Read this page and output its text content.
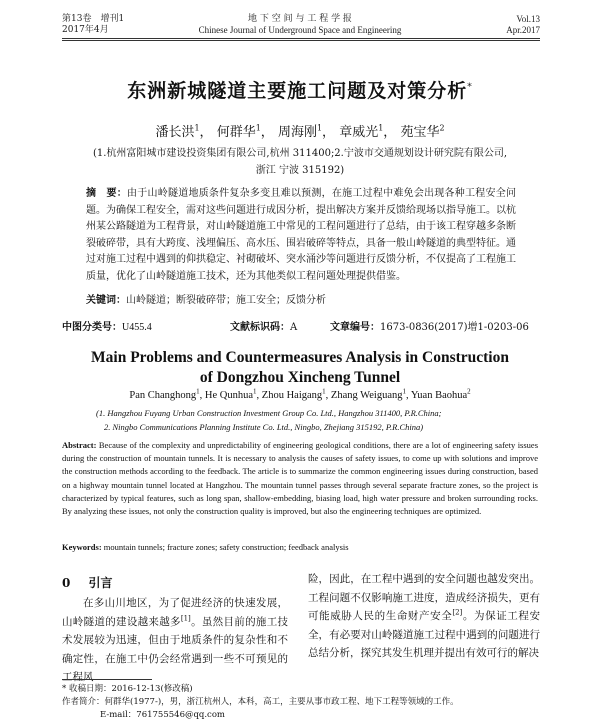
第13卷　增刊1
2017年4月
地 下 空 间 与 工 程 学 报
Chinese Journal of Underground Space and Engineering
Vol.13
Apr.2017
东洲新城隧道主要施工问题及对策分析*
潘长洪$^1$， 何群华$^1$， 周海刚$^1$， 章威光$^1$， 苑宝华$^2$
(1.杭州富阳城市建设投资集团有限公司,杭州 311400;2.宁波市交通规划设计研究院有限公司,
浙江 宁波 315192)
摘　要：由于山岭隧道地质条件复杂多变且难以预测，在施工过程中难免会出现各种工程安全问题。为确保工程安全，需对这些问题进行成因分析，提出解决方案并反馈给现场以指导施工。以杭州某公路隧道为工程背景，对山岭隧道施工中常见的工程问题进行了总结，由于该工程穿越多条断裂破碎带，具有大跨度、浅埋偏压、高水压、围岩破碎等特点，具备一般山岭隧道的典型特征。通过对施工过程中遇到的仰拱稳定、衬砌破坏、突水涌沙等问题进行反馈分析，不仅提高了工程施工质量，优化了山岭隧道施工技术，还为其他类似工程问题处理提供借鉴。
关键词：山岭隧道；断裂破碎带；施工安全；反馈分析
中图分类号：U455.4	文献标识码：A	文章编号：1673-0836(2017)增1-0203-06
Main Problems and Countermeasures Analysis in Construction
of Dongzhou Xincheng Tunnel
Pan Changhong$^1$, He Qunhua$^1$, Zhou Haigang$^1$, Zhang Weiguang$^1$, Yuan Baohua$^2$
(1. Hangzhou Fuyang Urban Construction Investment Group Co. Ltd., Hangzhou 311400, P.R.China;
2. Ningbo Communications Planning Institute Co. Ltd., Ningbo, Zhejiang 315192, P.R.China)
Abstract: Because of the complexity and unpredictability of engineering geological conditions, there are a lot of engineering safety issues during the construction of mountain tunnels. It is necessary to analysis the causes of safety issues, to come up with solutions and improve the construction methods according to the feedback. The article is to summarize the common engineering issues during construction, based on a highway mountain tunnel located at Hangzhou. The mountain tunnel passes through several separate fracture zones, so the project is characterized by typical features, such as long span, shallow-embedding, biasing load, high water pressure and broken surrounding rocks. By analyzing these issues, not only the construction quality is improved, but also the engineering techniques are optimized.
Keywords: mountain tunnels; fracture zones; safety construction; feedback analysis
0 引言

在多山川地区，为了促进经济的快速发展，山岭隧道的建设越来越多[1]。虽然目前的施工技术发展较为迅速，但由于地质条件的复杂性和不确定性，在施工中仍会经常遇到一些不可预见的工程风

险，因此，在工程中遇到的安全问题也越发突出。工程问题不仅影响施工进度，造成经济损失，更有可能威胁人民的生命财产安全[2]。为保证工程安全，有必要对山岭隧道施工过程中遇到的问题进行总结分析，探究其发生机理并提出有效可行的解决

* 收稿日期：2016-12-13(修改稿)
作者简介：何群华(1977-)，男，浙江杭州人，本科，高工，主要从事市政工程、地下工程等领域的工作。
E-mail：761755546@qq.com
